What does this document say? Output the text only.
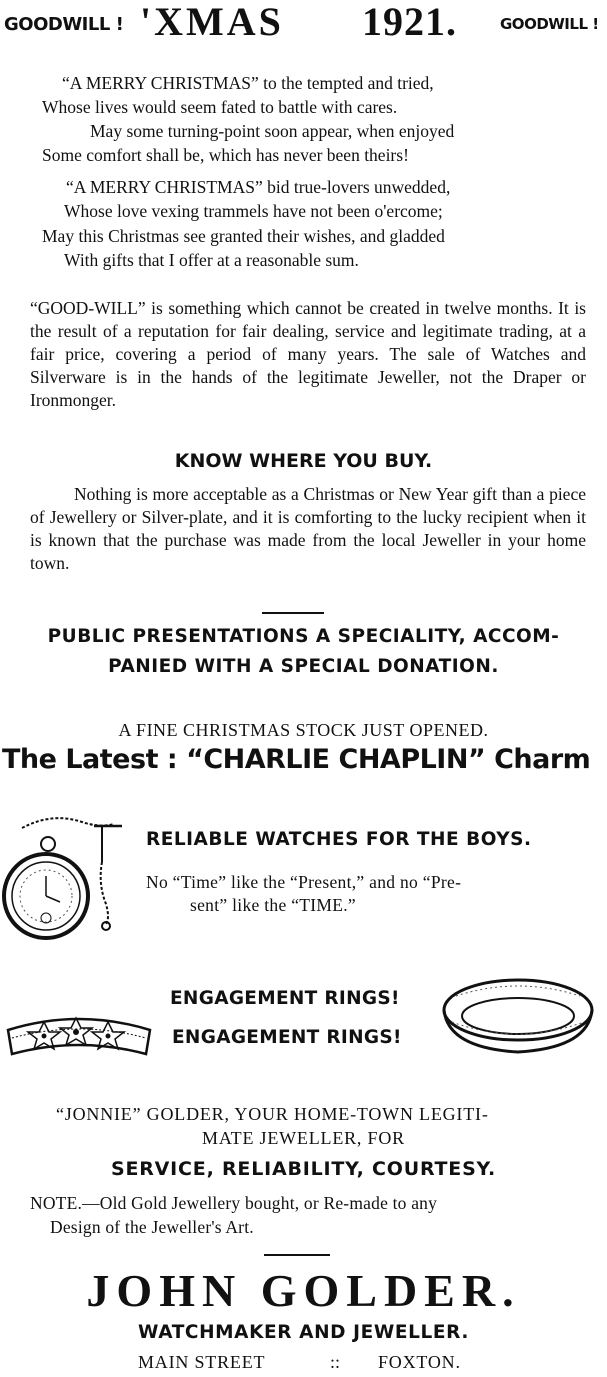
GOODWILL ! 'XMAS 1921.	GOODWILL !
“A MERRY CHRISTMAS” to the tempted and tried,
Whose lives would seem fated to battle with cares.
May some turning-point soon appear, when enjoyed
Some comfort shall be, which has never been theirs!
“A MERRY CHRISTMAS” bid true-lovers unwedded,
Whose love vexing trammels have not been o'ercome;
May this Christmas see granted their wishes, and gladded
With gifts that I offer at a reasonable sum.

“GOOD-WILL” is something which cannot be created in twelve months. It is the result of a reputation for fair dealing, service and legitimate trading, at a fair price, covering a period of many years. The sale of Watches and Silverware is in the hands of the legitimate Jeweller, not the Draper or Ironmonger.

KNOW WHERE YOU BUY.

Nothing is more acceptable as a Christmas or New Year gift than a piece of Jewellery or Silver-plate, and it is comforting to the lucky recipient when it is known that the purchase was made from the local Jeweller in your home town.

PUBLIC PRESENTATIONS A SPECIALITY, ACCOM-
PANIED WITH A SPECIAL DONATION.
A FINE CHRISTMAS STOCK JUST OPENED.
The Latest : “CHARLIE CHAPLIN” Charm
RELIABLE WATCHES FOR THE BOYS.
No “Time” like the “Present,” and no “Pre-
sent” like the “TIME.”
ENGAGEMENT RINGS!
ENGAGEMENT RINGS!
“JONNIE” GOLDER, YOUR HOME-TOWN LEGITI-
MATE JEWELLER, FOR
SERVICE, RELIABILITY, COURTESY.
NOTE.—Old Gold Jewellery bought, or Re-made to any
Design of the Jeweller's Art.
JOHN GOLDER.
WATCHMAKER AND JEWELLER.
MAIN STREET	:: FOXTON.
